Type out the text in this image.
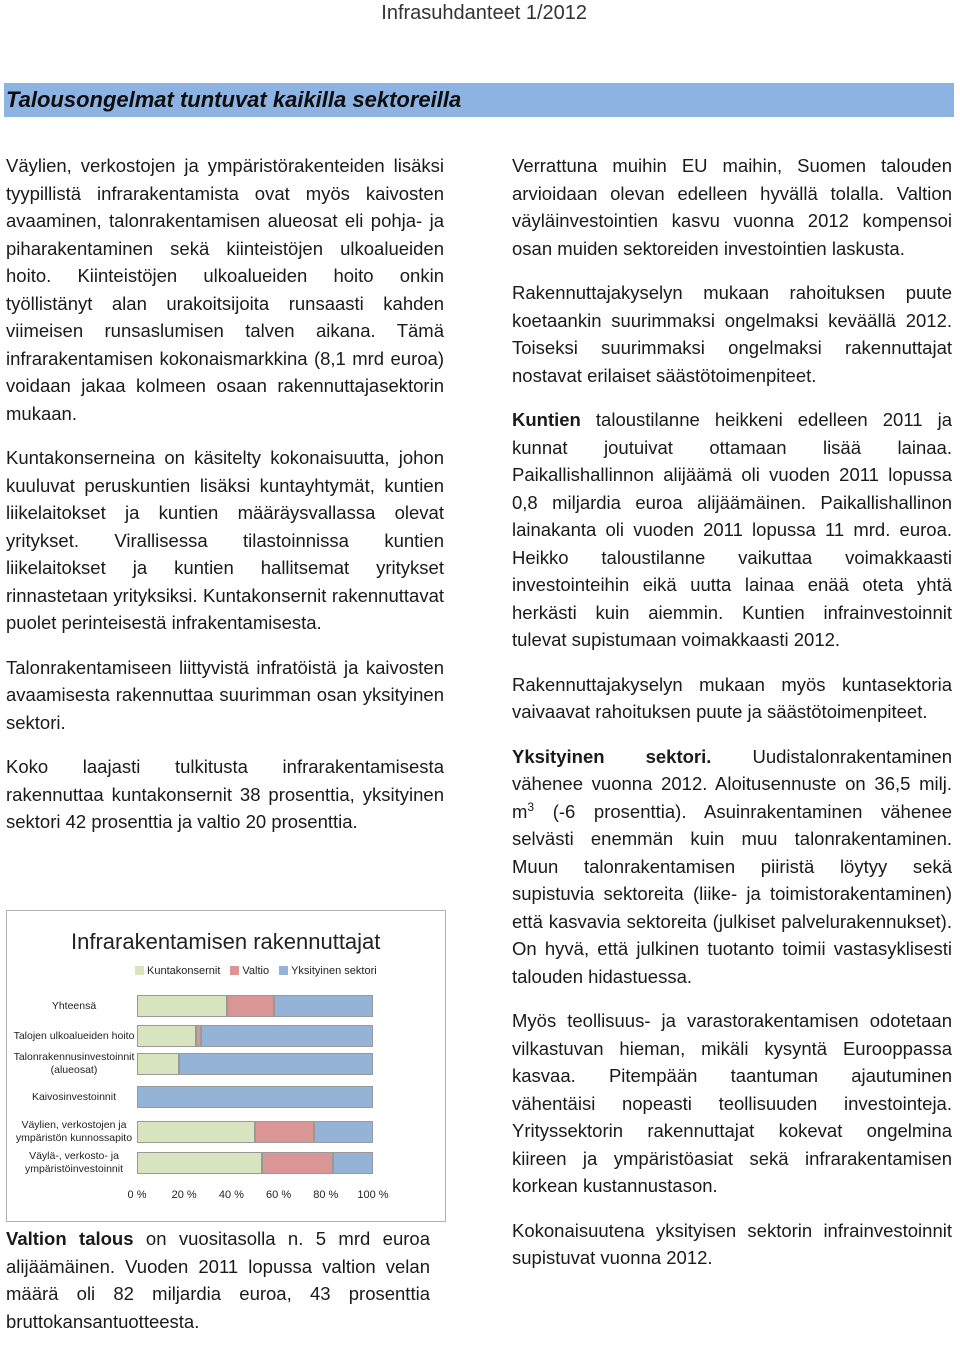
Infrasuhdanteet 1/2012
Talousongelmat tuntuvat kaikilla sektoreilla

Väylien, verkostojen ja ympäristörakenteiden lisäksi tyypillistä infrarakentamista ovat myös kaivosten avaaminen, talonrakentamisen alueosat eli pohja- ja piharakentaminen sekä kiinteistöjen ulkoalueiden hoito. Kiinteistöjen ulkoalueiden hoito onkin työllistänyt alan urakoitsijoita runsaasti kahden viimeisen runsaslumisen talven aikana. Tämä infrarakentamisen kokonaismarkkina (8,1 mrd euroa) voidaan jakaa kolmeen osaan rakennuttajasektorin mukaan.

Kuntakonserneina on käsitelty kokonaisuutta, johon kuuluvat peruskuntien lisäksi kuntayhtymät, kuntien liikelaitokset ja kuntien määräysvallassa olevat yritykset. Virallisessa tilastoinnissa kuntien liikelaitokset ja kuntien hallitsemat yritykset rinnastetaan yrityksiksi. Kuntakonsernit rakennuttavat puolet perinteisestä infrakentamisesta.

Talonrakentamiseen liittyvistä infratöistä ja kaivosten avaamisesta rakennuttaa suurimman osan yksityinen sektori.

Koko laajasti tulkitusta infrarakentamisesta rakennuttaa kuntakonsernit 38 prosenttia, yksityinen sektori 42 prosenttia ja valtio 20 prosenttia.

Infrarakentamisen rakennuttajat
Kuntakonsernit Valtio Yksityinen sektori
Yhteensä
Talojen ulkoalueiden hoito
Talonrakennusinvestoinnit (alueosat)
Kaivosinvestoinnit
Väylien, verkostojen ja ympäristön kunnossapito
Väylä-, verkosto- ja ympäristöinvestoinnit
0 %	20 %	40 %	60 %	80 %	100 %

Valtion talous on vuositasolla n. 5 mrd euroa alijäämäinen. Vuoden 2011 lopussa valtion velan määrä oli 82 miljardia euroa, 43 prosenttia bruttokansantuotteesta.

Verrattuna muihin EU maihin, Suomen talouden arvioidaan olevan edelleen hyvällä tolalla. Valtion väyläinvestointien kasvu vuonna 2012 kompensoi osan muiden sektoreiden investointien laskusta.

Rakennuttajakyselyn mukaan rahoituksen puute koetaankin suurimmaksi ongelmaksi keväällä 2012. Toiseksi suurimmaksi ongelmaksi rakennuttajat nostavat erilaiset säästötoimenpiteet.

Kuntien taloustilanne heikkeni edelleen 2011 ja kunnat joutuivat ottamaan lisää lainaa. Paikallishallinnon alijäämä oli vuoden 2011 lopussa 0,8 miljardia euroa alijäämäinen. Paikallishallinon lainakanta oli vuoden 2011 lopussa 11 mrd. euroa. Heikko taloustilanne vaikuttaa voimakkaasti investointeihin eikä uutta lainaa enää oteta yhtä herkästi kuin aiemmin. Kuntien infrainvestoinnit tulevat supistumaan voimakkaasti 2012.

Rakennuttajakyselyn mukaan myös kuntasektoria vaivaavat rahoituksen puute ja säästötoimenpiteet.

Yksityinen sektori. Uudistalonrakentaminen vähenee vuonna 2012. Aloitusennuste on 36,5 milj. $m^3$ (-6 prosenttia). Asuinrakentaminen vähenee selvästi enemmän kuin muu talonrakentaminen. Muun talonrakentamisen piiristä löytyy sekä supistuvia sektoreita (liike- ja toimistorakentaminen) että kasvavia sektoreita (julkiset palvelurakennukset). On hyvä, että julkinen tuotanto toimii vastasyklisesti talouden hidastuessa.

Myös teollisuus- ja varastorakentamisen odotetaan vilkastuvan hieman, mikäli kysyntä Eurooppassa kasvaa. Pitempään taantuman ajautuminen vähentäisi nopeasti teollisuuden investointeja. Yrityssektorin rakennuttajat kokevat ongelmina kiireen ja ympäristöasiat sekä infrarakentamisen korkean kustannustason.

Kokonaisuutena yksityisen sektorin infrainvestoinnit supistuvat vuonna 2012.
